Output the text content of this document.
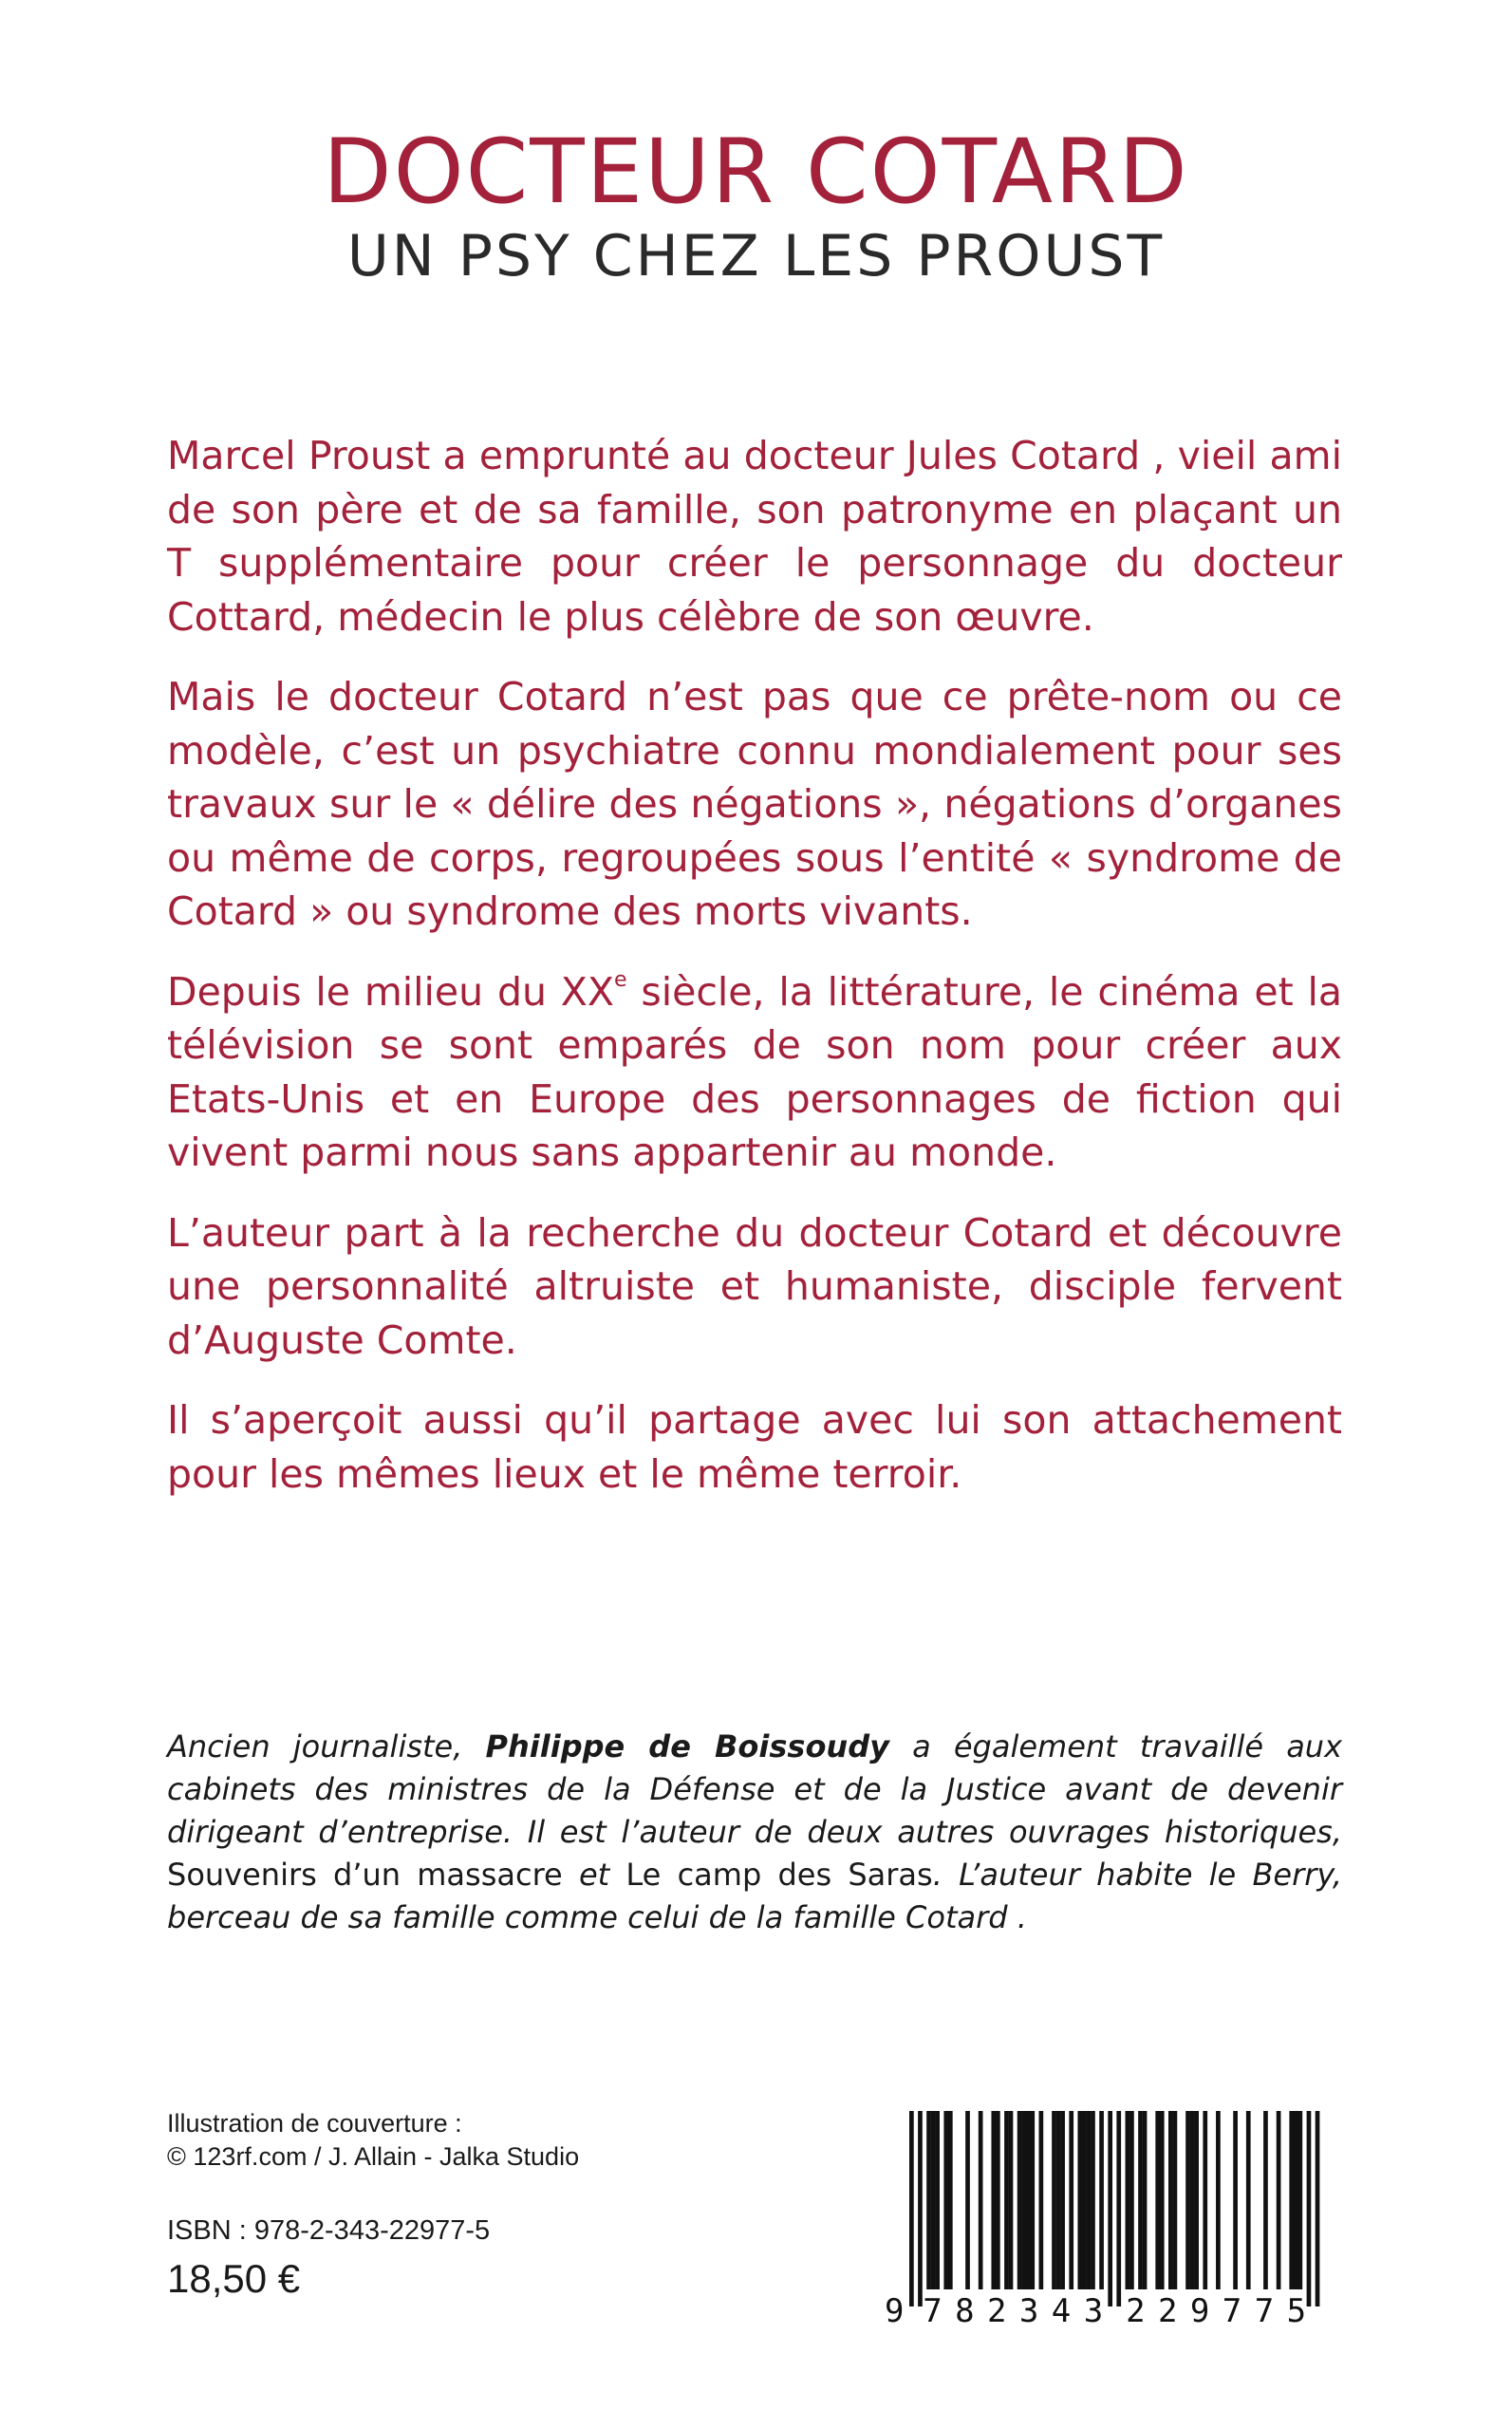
DOCTEUR COTARD
UN PSY CHEZ LES PROUST

Marcel Proust a emprunté au docteur Jules Cotard , vieil ami de son père et de sa famille, son patronyme en plaçant un T supplémentaire pour créer le personnage du docteur Cottard, médecin le plus célèbre de son œuvre.

Mais le docteur Cotard n’est pas que ce prête-nom ou ce modèle, c’est un psychiatre connu mondialement pour ses travaux sur le « délire des négations », négations d’organes ou même de corps, regroupées sous l’entité « syndrome de Cotard » ou syndrome des morts vivants.

Depuis le milieu du XXe siècle, la littérature, le cinéma et la télévision se sont emparés de son nom pour créer aux Etats-Unis et en Europe des personnages de fiction qui vivent parmi nous sans appartenir au monde.

L’auteur part à la recherche du docteur Cotard et découvre une personnalité altruiste et humaniste, disciple fervent d’Auguste Comte.

Il s’aperçoit aussi qu’il partage avec lui son attachement pour les mêmes lieux et le même terroir.

Ancien journaliste, Philippe de Boissoudy a également travaillé aux cabinets des ministres de la Défense et de la Justice avant de devenir dirigeant d’entreprise. Il est l’auteur de deux autres ouvrages historiques, Souvenirs d’un massacre et Le camp des Saras. L’auteur habite le Berry, berceau de sa famille comme celui de la famille Cotard .
Illustration de couverture :
© 123rf.com / J. Allain - Jalka Studio
ISBN : 978-2-343-22977-5
18,50 €
9 782343 229775
